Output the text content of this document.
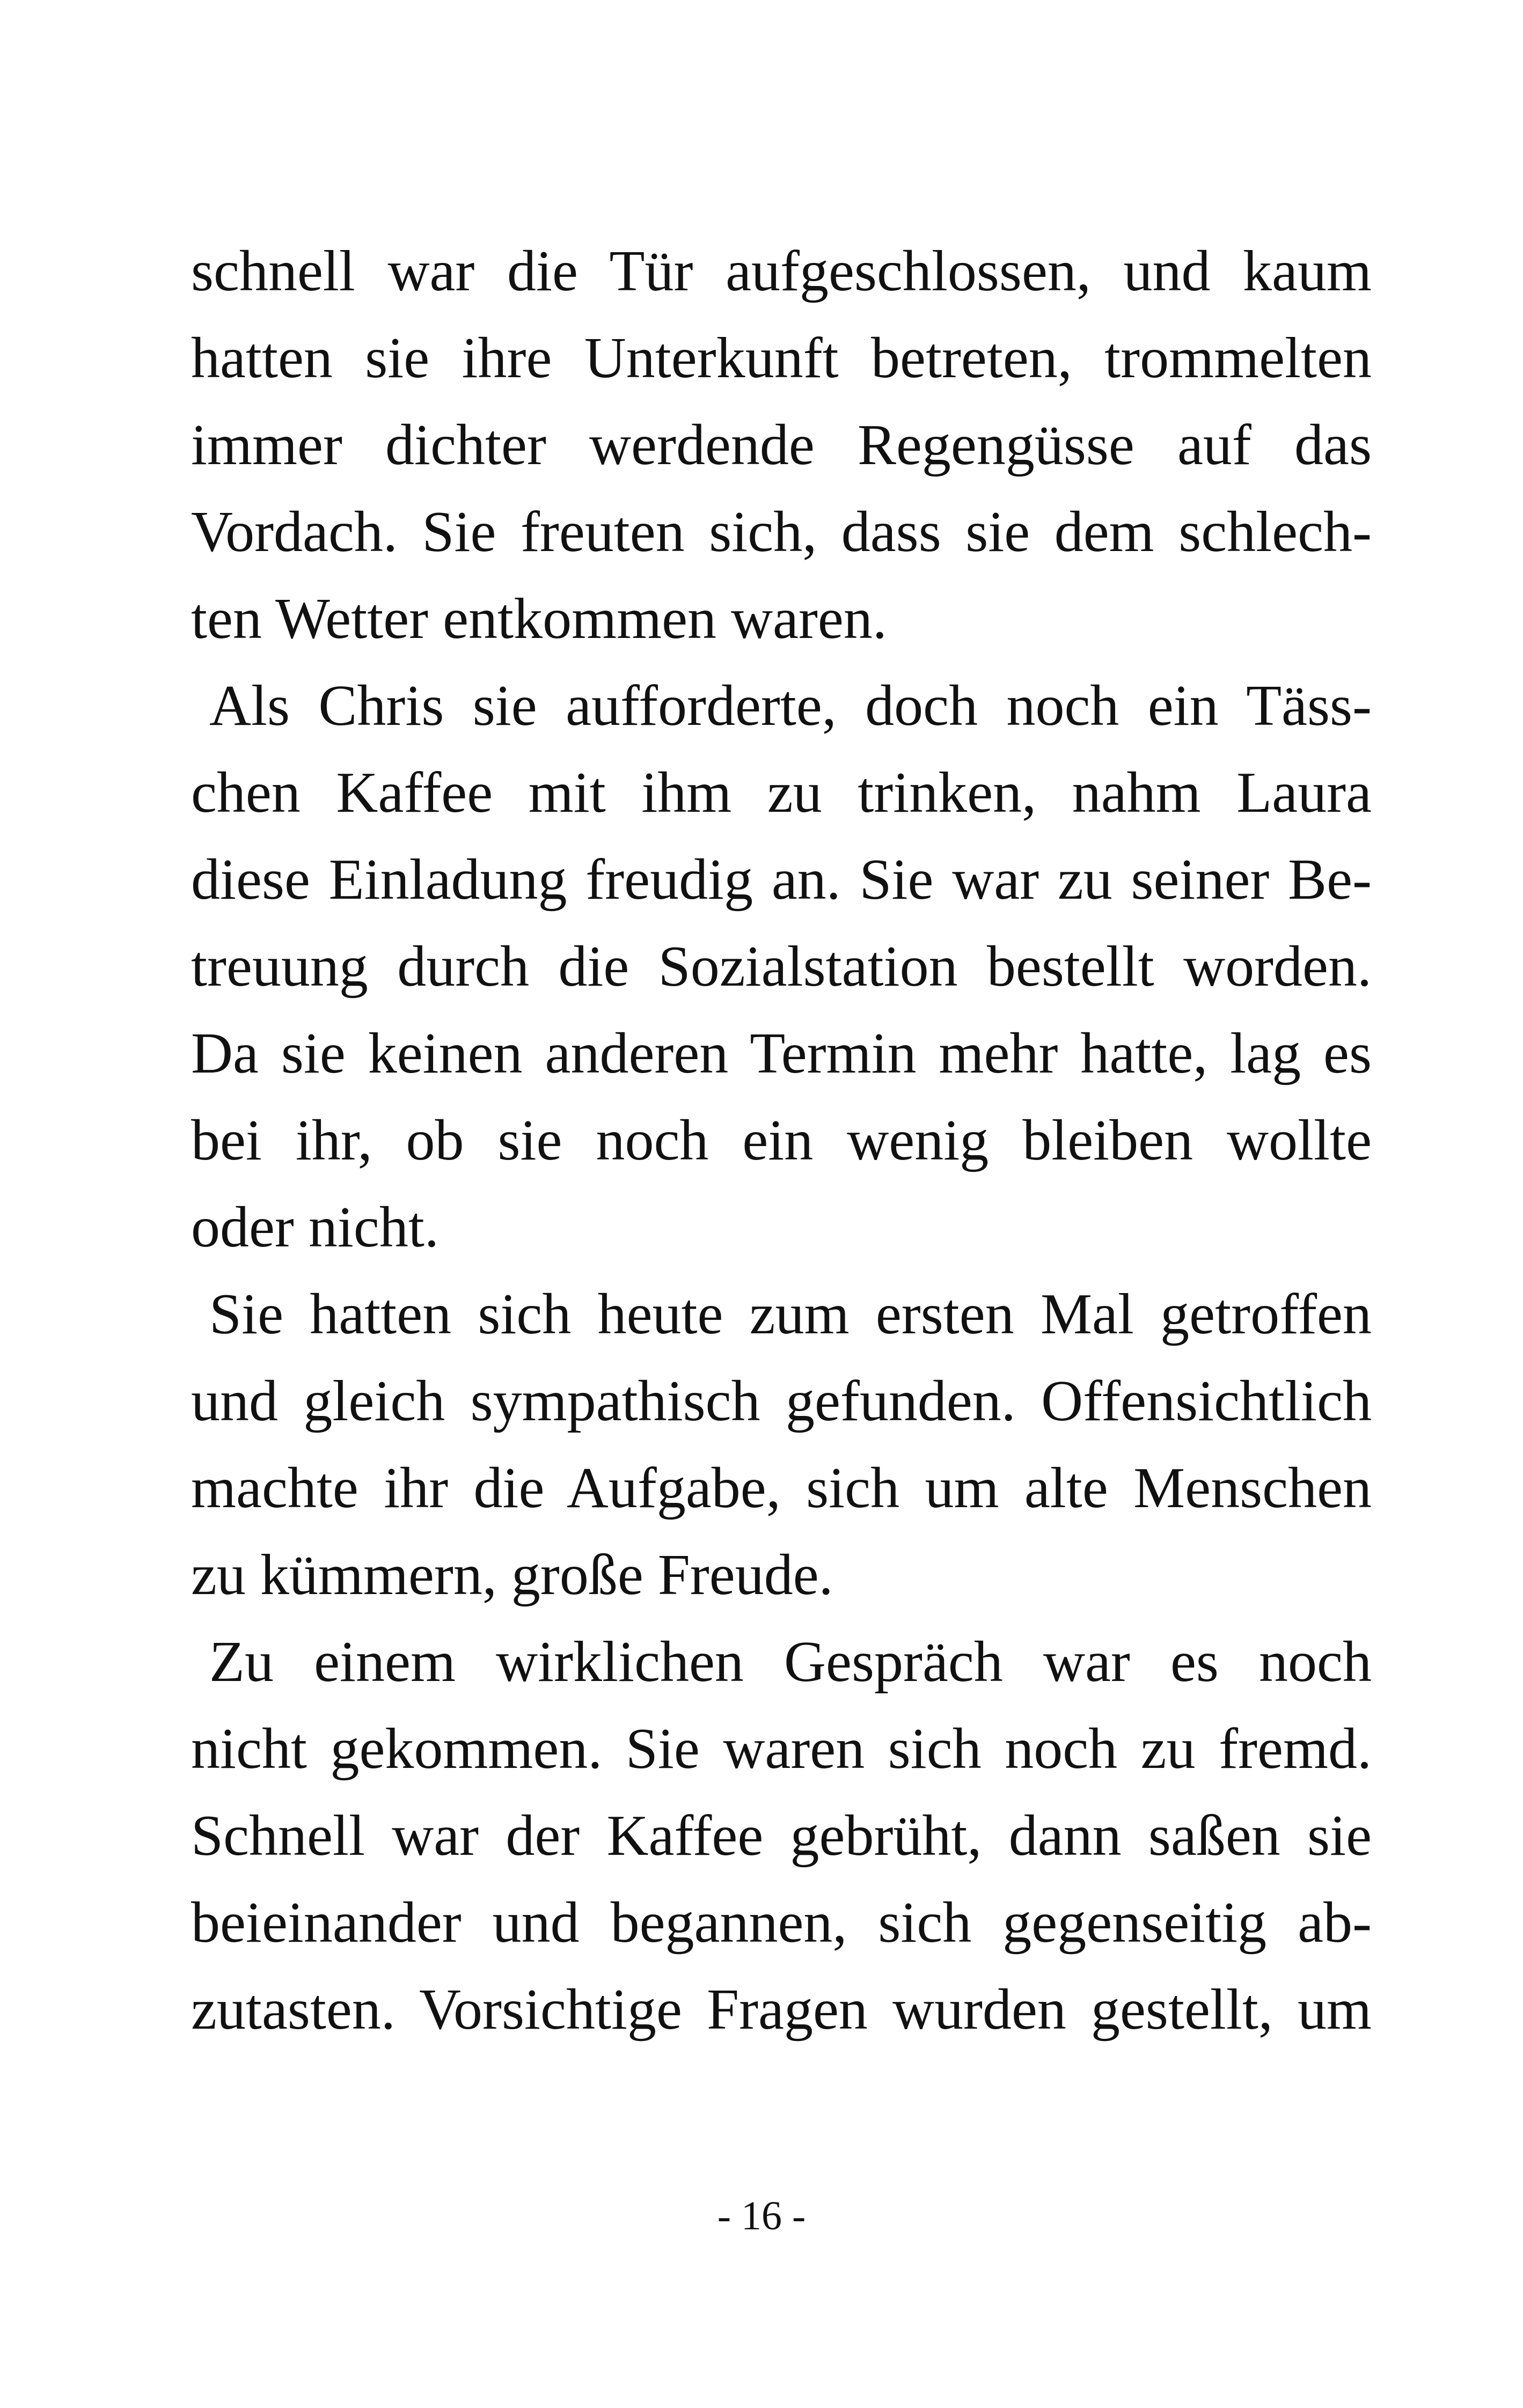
schnell war die Tür aufgeschlossen, und kaum
hatten sie ihre Unterkunft betreten, trommelten
immer dichter werdende Regengüsse auf das
Vordach. Sie freuten sich, dass sie dem schlech-
ten Wetter entkommen waren.
Als Chris sie aufforderte, doch noch ein Täss-
chen Kaffee mit ihm zu trinken, nahm Laura
diese Einladung freudig an. Sie war zu seiner Be-
treuung durch die Sozialstation bestellt worden.
Da sie keinen anderen Termin mehr hatte, lag es
bei ihr, ob sie noch ein wenig bleiben wollte
oder nicht.
Sie hatten sich heute zum ersten Mal getroffen
und gleich sympathisch gefunden. Offensichtlich
machte ihr die Aufgabe, sich um alte Menschen
zu kümmern, große Freude.
Zu einem wirklichen Gespräch war es noch
nicht gekommen. Sie waren sich noch zu fremd.
Schnell war der Kaffee gebrüht, dann saßen sie
beieinander und begannen, sich gegenseitig ab-
zutasten. Vorsichtige Fragen wurden gestellt, um
- 16 -
